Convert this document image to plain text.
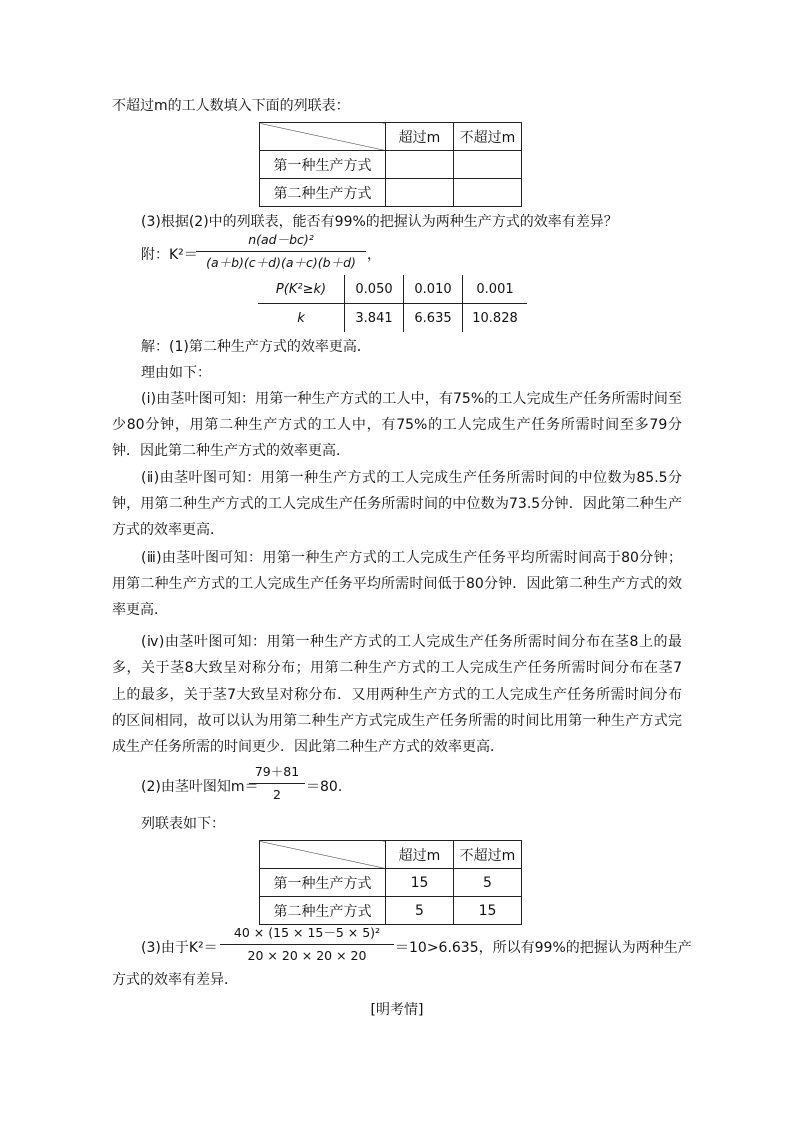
不超过m的工人数填入下面的列联表：
	超过m	不超过m
第一种生产方式		
第二种生产方式		
(3)根据(2)中的列联表，能否有99%的把握认为两种生产方式的效率有差异？
附：K²＝
n(ad－bc)²
(a＋b)(c＋d)(a＋c)(b＋d) ，
P(K²≥k)	0.050	0.010	0.001
k	3.841	6.635	10.828
解：(1)第二种生产方式的效率更高．
理由如下：
(ⅰ)由茎叶图可知：用第一种生产方式的工人中，有75%的工人完成生产任务所需时间至
少80分钟，用第二种生产方式的工人中，有75%的工人完成生产任务所需时间至多79分
钟．因此第二种生产方式的效率更高．
(ⅱ)由茎叶图可知：用第一种生产方式的工人完成生产任务所需时间的中位数为85.5分
钟，用第二种生产方式的工人完成生产任务所需时间的中位数为73.5分钟．因此第二种生产
方式的效率更高．
(ⅲ)由茎叶图可知：用第一种生产方式的工人完成生产任务平均所需时间高于80分钟；
用第二种生产方式的工人完成生产任务平均所需时间低于80分钟．因此第二种生产方式的效
率更高．
(ⅳ)由茎叶图可知：用第一种生产方式的工人完成生产任务所需时间分布在茎8上的最
多，关于茎8大致呈对称分布；用第二种生产方式的工人完成生产任务所需时间分布在茎7
上的最多，关于茎7大致呈对称分布．又用两种生产方式的工人完成生产任务所需时间分布
的区间相同，故可以认为用第二种生产方式完成生产任务所需的时间比用第一种生产方式完
成生产任务所需的时间更少．因此第二种生产方式的效率更高．
(2)由茎叶图知m＝
79＋81
2	＝80.
列联表如下：
	超过m	不超过m
第一种生产方式	15	5
第二种生产方式	5	15
(3)由于K²＝
40 × (15 × 15－5 × 5)²
20 × 20 × 20 × 20	＝10>6.635，所以有99%的把握认为两种生产
方式的效率有差异．
[明考情]
